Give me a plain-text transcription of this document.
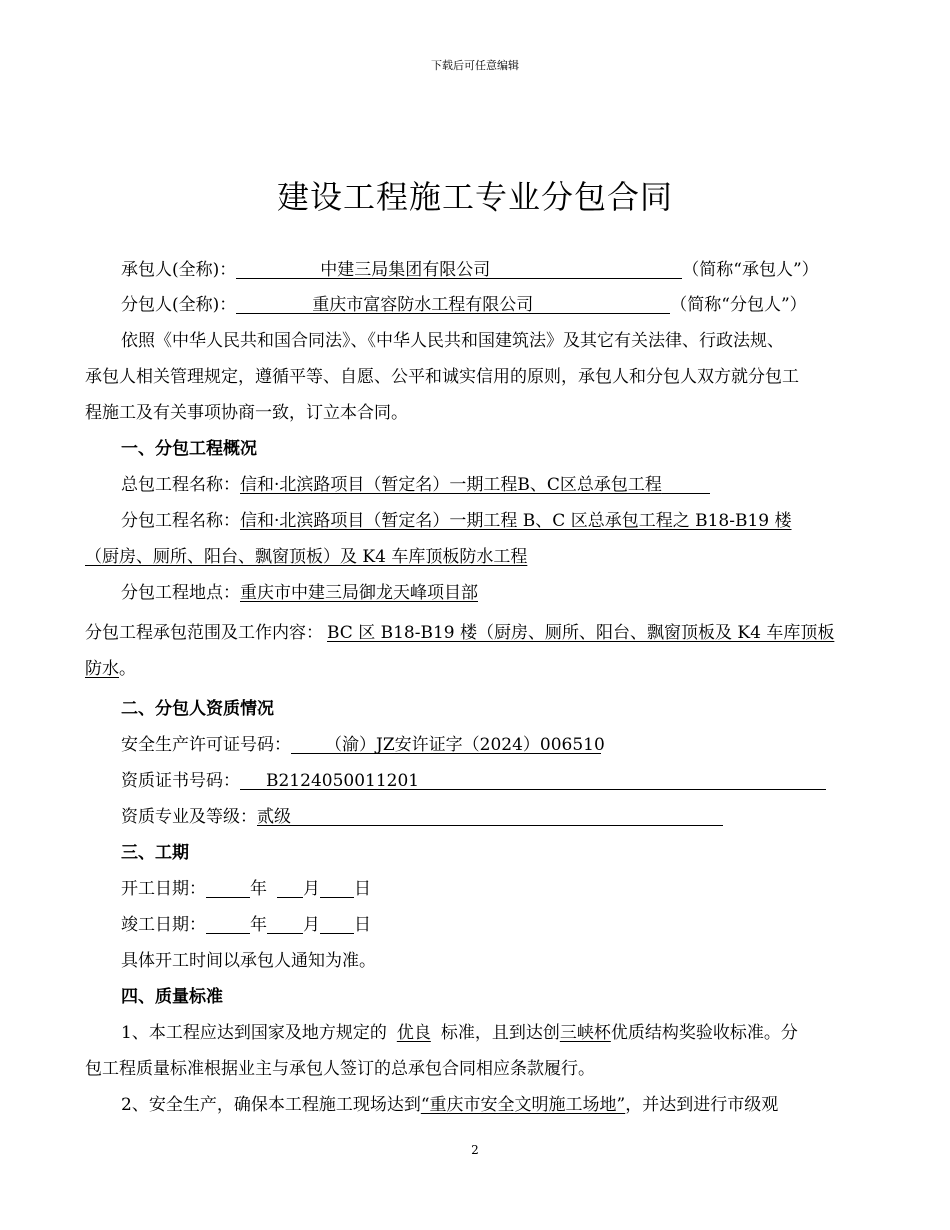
下载后可任意编辑
建设工程施工专业分包合同
承包人(全称)：	中建三局集团有限公司	（简称“承包人”）
分包人(全称)：	重庆市富容防水工程有限公司	（简称“分包人”）
依照《中华人民共和国合同法》、《中华人民共和国建筑法》及其它有关法律、行政法规、
承包人相关管理规定，遵循平等、自愿、公平和诚实信用的原则，承包人和分包人双方就分包工
程施工及有关事项协商一致，订立本合同。
一、分包工程概况
总包工程名称：信和·北滨路项目（暂定名）一期工程B、C区总承包工程
分包工程名称：信和·北滨路项目（暂定名）一期工程 B、C 区总承包工程之 B18-B19 楼
（厨房、厕所、阳台、飘窗顶板）及 K4 车库顶板防水工程
分包工程地点：重庆市中建三局御龙天峰项目部
分包工程承包范围及工作内容： BC 区 B18-B19 楼（厨房、厕所、阳台、飘窗顶板及 K4 车库顶板
防水。
二、分包人资质情况
安全生产许可证号码： （渝）JZ安许证字（2024）006510
资质证书号码： B2124050011201
资质专业及等级：贰级
三、工期
开工日期：	年 月 日
竣工日期：	年 月 日
具体开工时间以承包人通知为准。
四、质量标准
1、本工程应达到国家及地方规定的 优良 标准，且到达创三峡杯优质结构奖验收标准。分
包工程质量标准根据业主与承包人签订的总承包合同相应条款履行。
2、安全生产，确保本工程施工现场达到“重庆市安全文明施工场地”，并达到进行市级观
2
